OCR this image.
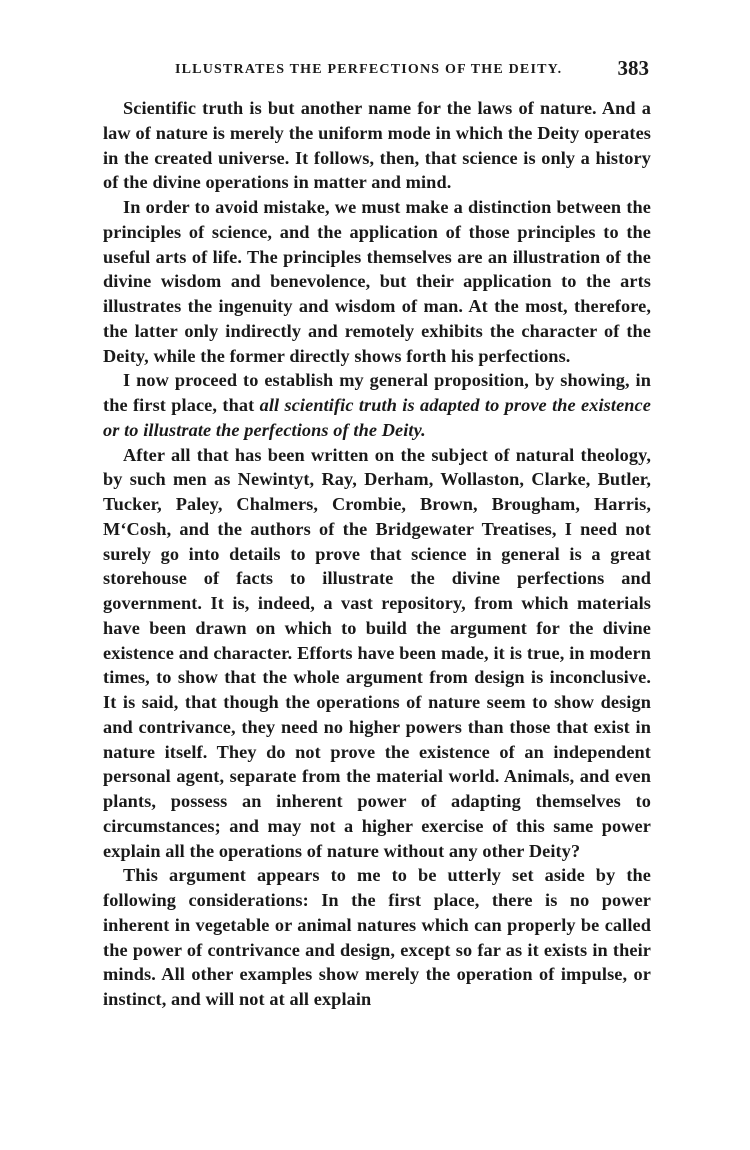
ILLUSTRATES THE PERFECTIONS OF THE DEITY.	383

Scientific truth is but another name for the laws of nature. And a law of nature is merely the uniform mode in which the Deity operates in the created universe. It follows, then, that science is only a history of the divine operations in matter and mind.

In order to avoid mistake, we must make a distinction between the principles of science, and the application of those principles to the useful arts of life. The principles themselves are an illustration of the divine wisdom and benevolence, but their application to the arts illustrates the ingenuity and wisdom of man. At the most, therefore, the latter only indirectly and remotely exhibits the character of the Deity, while the former directly shows forth his perfections.

I now proceed to establish my general proposition, by showing, in the first place, that all scientific truth is adapted to prove the existence or to illustrate the perfections of the Deity.

After all that has been written on the subject of natural theology, by such men as Newintyt, Ray, Derham, Wollaston, Clarke, Butler, Tucker, Paley, Chalmers, Crombie, Brown, Brougham, Harris, M‘Cosh, and the authors of the Bridgewater Treatises, I need not surely go into details to prove that science in general is a great storehouse of facts to illustrate the divine perfections and government. It is, indeed, a vast repository, from which materials have been drawn on which to build the argument for the divine existence and character. Efforts have been made, it is true, in modern times, to show that the whole argument from design is inconclusive. It is said, that though the operations of nature seem to show design and contrivance, they need no higher powers than those that exist in nature itself. They do not prove the existence of an independent personal agent, separate from the material world. Animals, and even plants, possess an inherent power of adapting themselves to circumstances; and may not a higher exercise of this same power explain all the operations of nature without any other Deity?

This argument appears to me to be utterly set aside by the following considerations: In the first place, there is no power inherent in vegetable or animal natures which can properly be called the power of contrivance and design, except so far as it exists in their minds. All other examples show merely the operation of impulse, or instinct, and will not at all explain
